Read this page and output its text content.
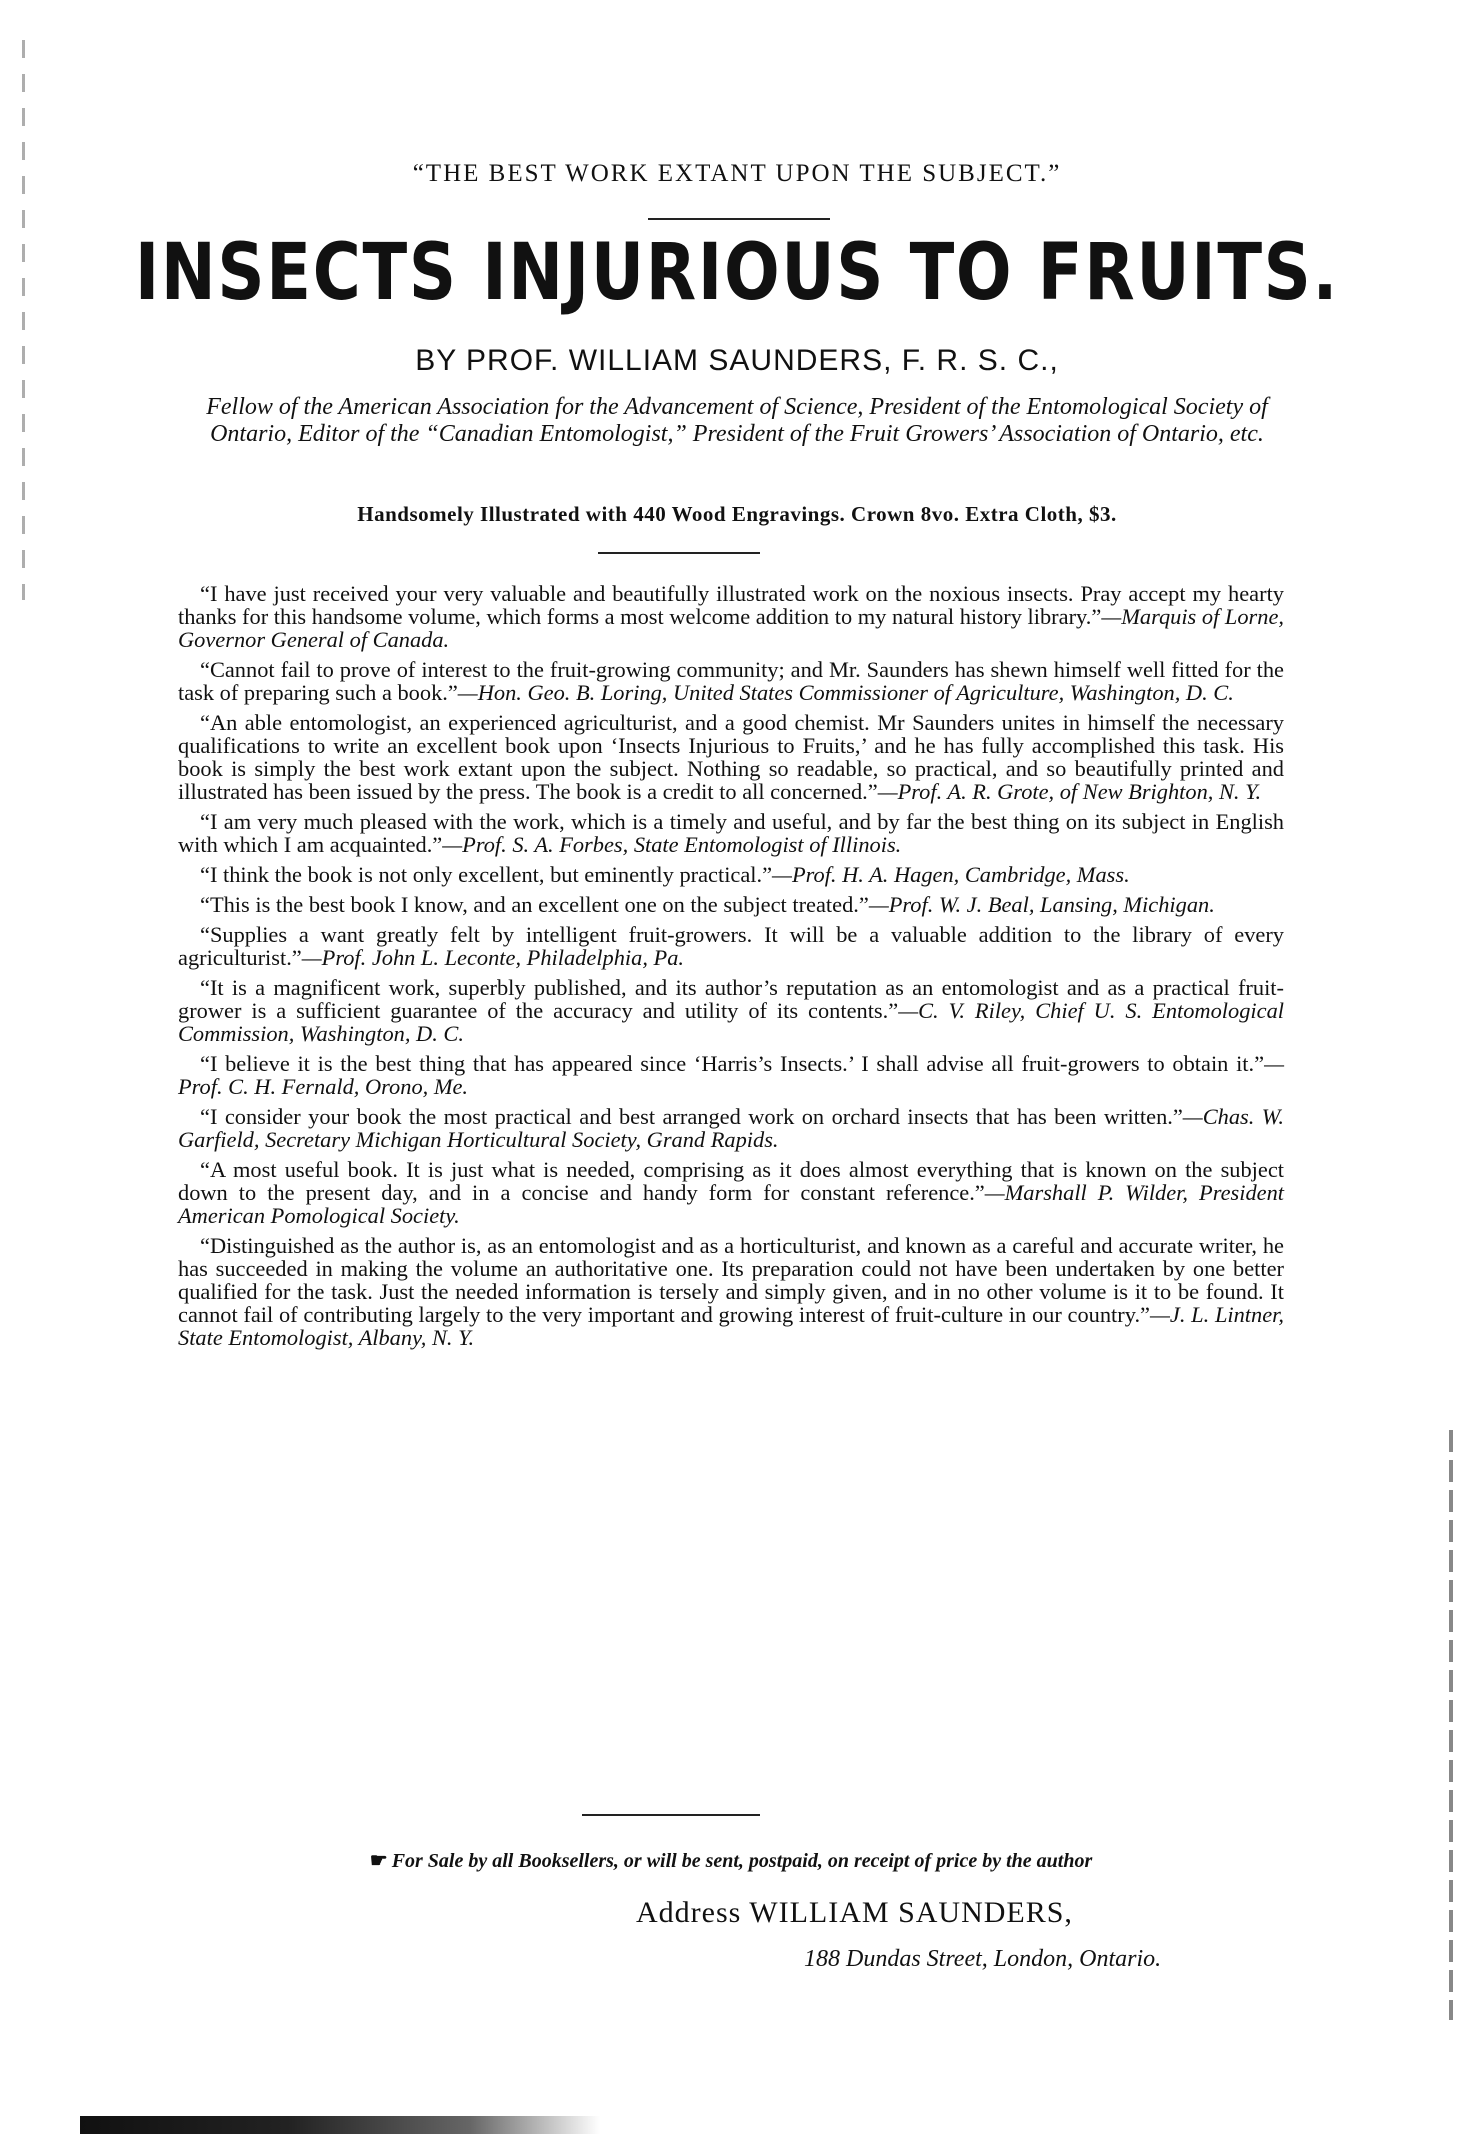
“THE BEST WORK EXTANT UPON THE SUBJECT.”
INSECTS INJURIOUS TO FRUITS.
BY PROF. WILLIAM SAUNDERS, F. R. S. C.,
Fellow of the American Association for the Advancement of Science, President of the Entomological Society of Ontario, Editor of the “Canadian Entomologist,” President of the Fruit Growers’ Association of Ontario, etc.
Handsomely Illustrated with 440 Wood Engravings. Crown 8vo. Extra Cloth, $3.

“I have just received your very valuable and beautifully illustrated work on the noxious insects. Pray accept my hearty thanks for this handsome volume, which forms a most welcome addition to my natural history library.”—Marquis of Lorne, Governor General of Canada.

“Cannot fail to prove of interest to the fruit-growing community; and Mr. Saunders has shewn himself well fitted for the task of preparing such a book.”—Hon. Geo. B. Loring, United States Commissioner of Agriculture, Washington, D. C.

“An able entomologist, an experienced agriculturist, and a good chemist. Mr Saunders unites in himself the necessary qualifications to write an excellent book upon ‘Insects Injurious to Fruits,’ and he has fully accomplished this task. His book is simply the best work extant upon the subject. Nothing so readable, so practical, and so beautifully printed and illustrated has been issued by the press. The book is a credit to all concerned.”—Prof. A. R. Grote, of New Brighton, N. Y.

“I am very much pleased with the work, which is a timely and useful, and by far the best thing on its subject in English with which I am acquainted.”—Prof. S. A. Forbes, State Entomologist of Illinois.

“I think the book is not only excellent, but eminently practical.”—Prof. H. A. Hagen, Cambridge, Mass.

“This is the best book I know, and an excellent one on the subject treated.”—Prof. W. J. Beal, Lansing, Michigan.

“Supplies a want greatly felt by intelligent fruit-growers. It will be a valuable addition to the library of every agriculturist.”—Prof. John L. Leconte, Philadelphia, Pa.

“It is a magnificent work, superbly published, and its author’s reputation as an entomologist and as a practical fruit-grower is a sufficient guarantee of the accuracy and utility of its contents.”—C. V. Riley, Chief U. S. Entomological Commission, Washington, D. C.

“I believe it is the best thing that has appeared since ‘Harris’s Insects.’ I shall advise all fruit-growers to obtain it.”—Prof. C. H. Fernald, Orono, Me.

“I consider your book the most practical and best arranged work on orchard insects that has been written.”—Chas. W. Garfield, Secretary Michigan Horticultural Society, Grand Rapids.

“A most useful book. It is just what is needed, comprising as it does almost everything that is known on the subject down to the present day, and in a concise and handy form for constant reference.”—Marshall P. Wilder, President American Pomological Society.

“Distinguished as the author is, as an entomologist and as a horticulturist, and known as a careful and accurate writer, he has succeeded in making the volume an authoritative one. Its preparation could not have been undertaken by one better qualified for the task. Just the needed information is tersely and simply given, and in no other volume is it to be found. It cannot fail of contributing largely to the very important and growing interest of fruit-culture in our country.”—J. L. Lintner, State Entomologist, Albany, N. Y.

☛ For Sale by all Booksellers, or will be sent, postpaid, on receipt of price by the author
Address WILLIAM SAUNDERS,
188 Dundas Street, London, Ontario.
